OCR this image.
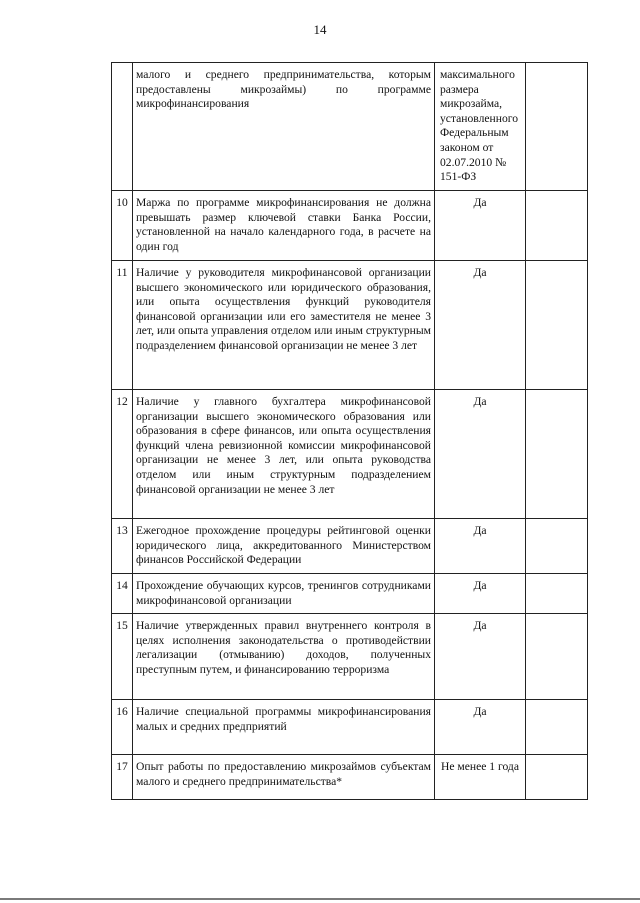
14
	малого и среднего предпринимательства, которым предоставлены микрозаймы) по программе микрофинансирования	максимального размера микрозайма, установленного Федеральным законом от 02.07.2010 № 151-ФЗ	
10	Маржа по программе микрофинансирования не должна превышать размер ключевой ставки Банка России, установленной на начало календарного года, в расчете на один год	Да	
11	Наличие у руководителя микрофинансовой организации высшего экономического или юридического образования, или опыта осуществления функций руководителя финансовой организации или его заместителя не менее 3 лет, или опыта управления отделом или иным структурным подразделением финансовой организации не менее 3 лет	Да	
12	Наличие у главного бухгалтера микрофинансовой организации высшего экономического образования или образования в сфере финансов, или опыта осуществления функций члена ревизионной комиссии микрофинансовой организации не менее 3 лет, или опыта руководства отделом или иным структурным подразделением финансовой организации не менее 3 лет	Да	
13	Ежегодное прохождение процедуры рейтинговой оценки юридического лица, аккредитованного Министерством финансов Российской Федерации	Да	
14	Прохождение обучающих курсов, тренингов сотрудниками микрофинансовой организации	Да	
15	Наличие утвержденных правил внутреннего контроля в целях исполнения законодательства о противодействии легализации (отмыванию) доходов, полученных преступным путем, и финансированию терроризма	Да	
16	Наличие специальной программы микрофинансирования малых и средних предприятий	Да	
17	Опыт работы по предоставлению микрозаймов субъектам малого и среднего предпринимательства*	Не менее 1 года	
